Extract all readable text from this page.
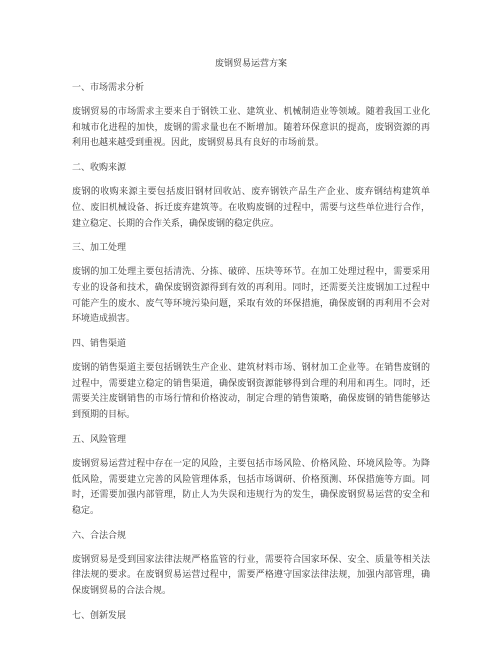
废钢贸易运营方案
一、市场需求分析
废钢贸易的市场需求主要来自于钢铁工业、建筑业、机械制造业等领域。随着我国工业化和城市化进程的加快，废钢的需求量也在不断增加。随着环保意识的提高，废钢资源的再利用也越来越受到重视。因此，废钢贸易具有良好的市场前景。
二、收购来源
废钢的收购来源主要包括废旧钢材回收站、废弃钢铁产品生产企业、废弃钢结构建筑单位、废旧机械设备、拆迁废弃建筑等。在收购废钢的过程中，需要与这些单位进行合作，建立稳定、长期的合作关系，确保废钢的稳定供应。
三、加工处理
废钢的加工处理主要包括清洗、分拣、破碎、压块等环节。在加工处理过程中，需要采用专业的设备和技术，确保废钢资源得到有效的再利用。同时，还需要关注废钢加工过程中可能产生的废水、废气等环境污染问题，采取有效的环保措施，确保废钢的再利用不会对环境造成损害。
四、销售渠道
废钢的销售渠道主要包括钢铁生产企业、建筑材料市场、钢材加工企业等。在销售废钢的过程中，需要建立稳定的销售渠道，确保废钢资源能够得到合理的利用和再生。同时，还需要关注废钢销售的市场行情和价格波动，制定合理的销售策略，确保废钢的销售能够达到预期的目标。
五、风险管理
废钢贸易运营过程中存在一定的风险，主要包括市场风险、价格风险、环境风险等。为降低风险，需要建立完善的风险管理体系，包括市场调研、价格预测、环保措施等方面。同时，还需要加强内部管理，防止人为失误和违规行为的发生，确保废钢贸易运营的安全和稳定。
六、合法合规
废钢贸易是受到国家法律法规严格监管的行业，需要符合国家环保、安全、质量等相关法律法规的要求。在废钢贸易运营过程中，需要严格遵守国家法律法规，加强内部管理，确保废钢贸易的合法合规。
七、创新发展
